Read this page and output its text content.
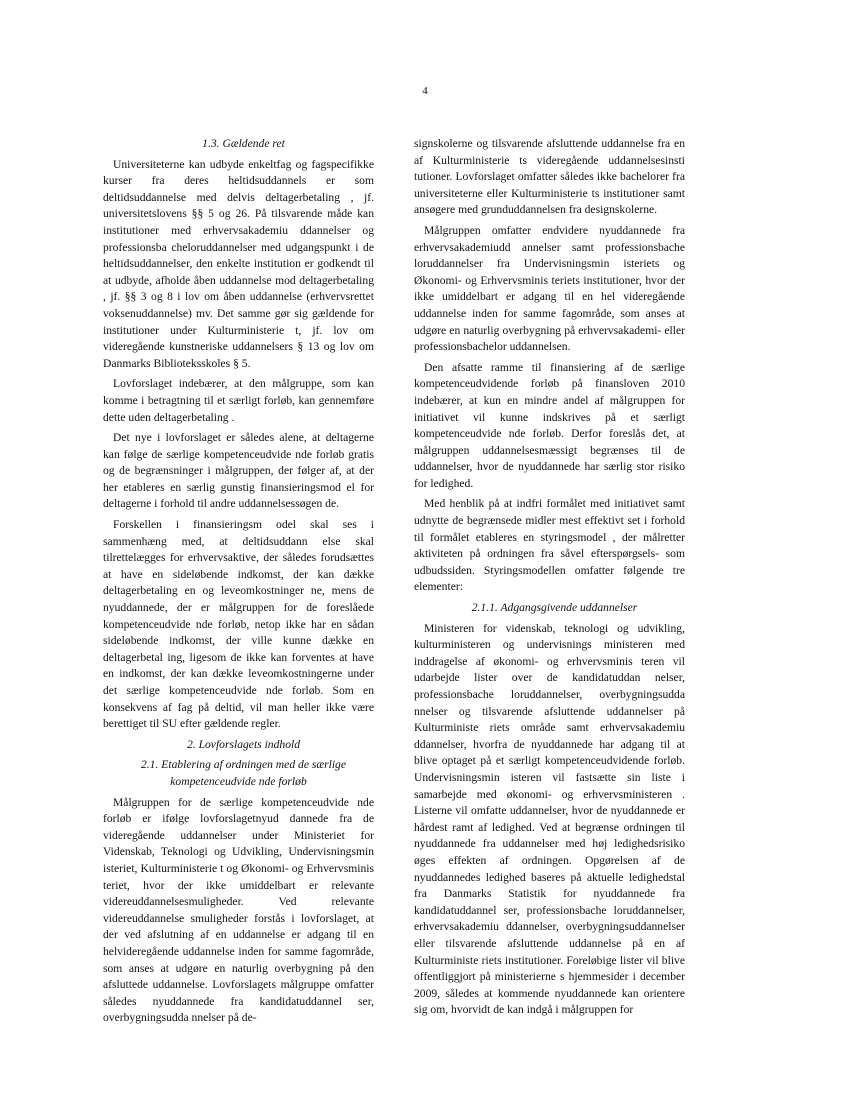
4

1.3. Gældende ret

Universiteterne kan udbyde enkeltfag og fagspecifikke kurser fra deres heltidsuddannels er som deltidsuddannelse med delvis deltagerbetaling , jf. universitetslovens §§ 5 og 26. På tilsvarende måde kan institutioner med erhvervsakademiu ddannelser og professionsba cheloruddannelser med udgangspunkt i de heltidsuddannelser, den enkelte institution er godkendt til at udbyde, afholde åben uddannelse mod deltagerbetaling , jf. §§ 3 og 8 i lov om åben uddannelse (erhvervsrettet voksenuddannelse) mv. Det samme gør sig gældende for institutioner under Kulturministerie t, jf. lov om videregående kunstneriske uddannelsers § 13 og lov om Danmarks Biblioteksskoles § 5.

Lovforslaget indebærer, at den målgruppe, som kan komme i betragtning til et særligt forløb, kan gennemføre dette uden deltagerbetaling .

Det nye i lovforslaget er således alene, at deltagerne kan følge de særlige kompetenceudvide nde forløb gratis og de begrænsninger i målgruppen, der følger af, at der her etableres en særlig gunstig finansieringsmod el for deltagerne i forhold til andre uddannelsessøgen de.

Forskellen i finansieringsm odel skal ses i sammenhæng med, at deltidsuddann else skal tilrettelægges for erhvervsaktive, der således forudsættes at have en sideløbende indkomst, der kan dække deltagerbetaling en og leveomkostninger ne, mens de nyuddannede, der er målgruppen for de foreslåede kompetenceudvide nde forløb, netop ikke har en sådan sideløbende indkomst, der ville kunne dække en deltagerbetal ing, ligesom de ikke kan forventes at have en indkomst, der kan dække leveomkostningerne under det særlige kompetenceudvide nde forløb. Som en konsekvens af fag på deltid, vil man heller ikke være berettiget til SU efter gældende regler.

2. Lovforslagets indhold

2.1. Etablering af ordningen med de særlige kompetenceudvide nde forløb

Målgruppen for de særlige kompetenceudvide nde forløb er ifølge lovforslagetnyud dannede fra de videregående uddannelser under Ministeriet for Videnskab, Teknologi og Udvikling, Undervisningsmin isteriet, Kulturministerie t og Økonomi- og Erhvervsminis teriet, hvor der ikke umiddelbart er relevante videreuddannelsesmuligheder. Ved relevante videreuddannelse smuligheder forstås i lovforslaget, at der ved afslutning af en uddannelse er adgang til en helvideregående uddannelse inden for samme fagområde, som anses at udgøre en naturlig overbygning på den afsluttede uddannelse. Lovforslagets målgruppe omfatter således nyuddannede fra kandidatuddannel ser, overbygningsudda nnelser på de-

signskolerne og tilsvarende afsluttende uddannelse fra en af Kulturministerie ts videregående uddannelsesinsti tutioner. Lovforslaget omfatter således ikke bachelorer fra universiteterne eller Kulturministerie ts institutioner samt ansøgere med grunduddannelsen fra designskolerne.

Målgruppen omfatter endvidere nyuddannede fra erhvervsakademiudd annelser samt professionsbache loruddannelser fra Undervisningsmin isteriets og Økonomi- og Erhvervsminis teriets institutioner, hvor der ikke umiddelbart er adgang til en hel videregående uddannelse inden for samme fagområde, som anses at udgøre en naturlig overbygning på erhvervsakademi- eller professionsbachelor uddannelsen.

Den afsatte ramme til finansiering af de særlige kompetenceudvidende forløb på finansloven 2010 indebærer, at kun en mindre andel af målgruppen for initiativet vil kunne indskrives på et særligt kompetenceudvide nde forløb. Derfor foreslås det, at målgruppen uddannelsesmæssigt begrænses til de uddannelser, hvor de nyuddannede har særlig stor risiko for ledighed.

Med henblik på at indfri formålet med initiativet samt udnytte de begrænsede midler mest effektivt set i forhold til formålet etableres en styringsmodel , der målretter aktiviteten på ordningen fra såvel efterspørgsels- som udbudssiden. Styringsmodellen omfatter følgende tre elementer:

2.1.1. Adgangsgivende uddannelser

Ministeren for videnskab, teknologi og udvikling, kulturministeren og undervisnings ministeren med inddragelse af økonomi- og erhvervsminis teren vil udarbejde lister over de kandidatuddan nelser, professionsbache loruddannelser, overbygningsudda nnelser og tilsvarende afsluttende uddannelser på Kulturministe riets område samt erhvervsakademiu ddannelser, hvorfra de nyuddannede har adgang til at blive optaget på et særligt kompetenceudvidende forløb. Undervisningsmin isteren vil fastsætte sin liste i samarbejde med økonomi- og erhvervsministeren . Listerne vil omfatte uddannelser, hvor de nyuddannede er hårdest ramt af ledighed. Ved at begrænse ordningen til nyuddannede fra uddannelser med høj ledighedsrisiko øges effekten af ordningen. Opgørelsen af de nyuddannedes ledighed baseres på aktuelle ledighedstal fra Danmarks Statistik for nyuddannede fra kandidatuddannel ser, professionsbache loruddannelser, erhvervsakademiu ddannelser, overbygningsuddannelser eller tilsvarende afsluttende uddannelse på en af Kulturministe riets institutioner. Foreløbige lister vil blive offentliggjort på ministerierne s hjemmesider i december 2009, således at kommende nyuddannede kan orientere sig om, hvorvidt de kan indgå i målgruppen for
